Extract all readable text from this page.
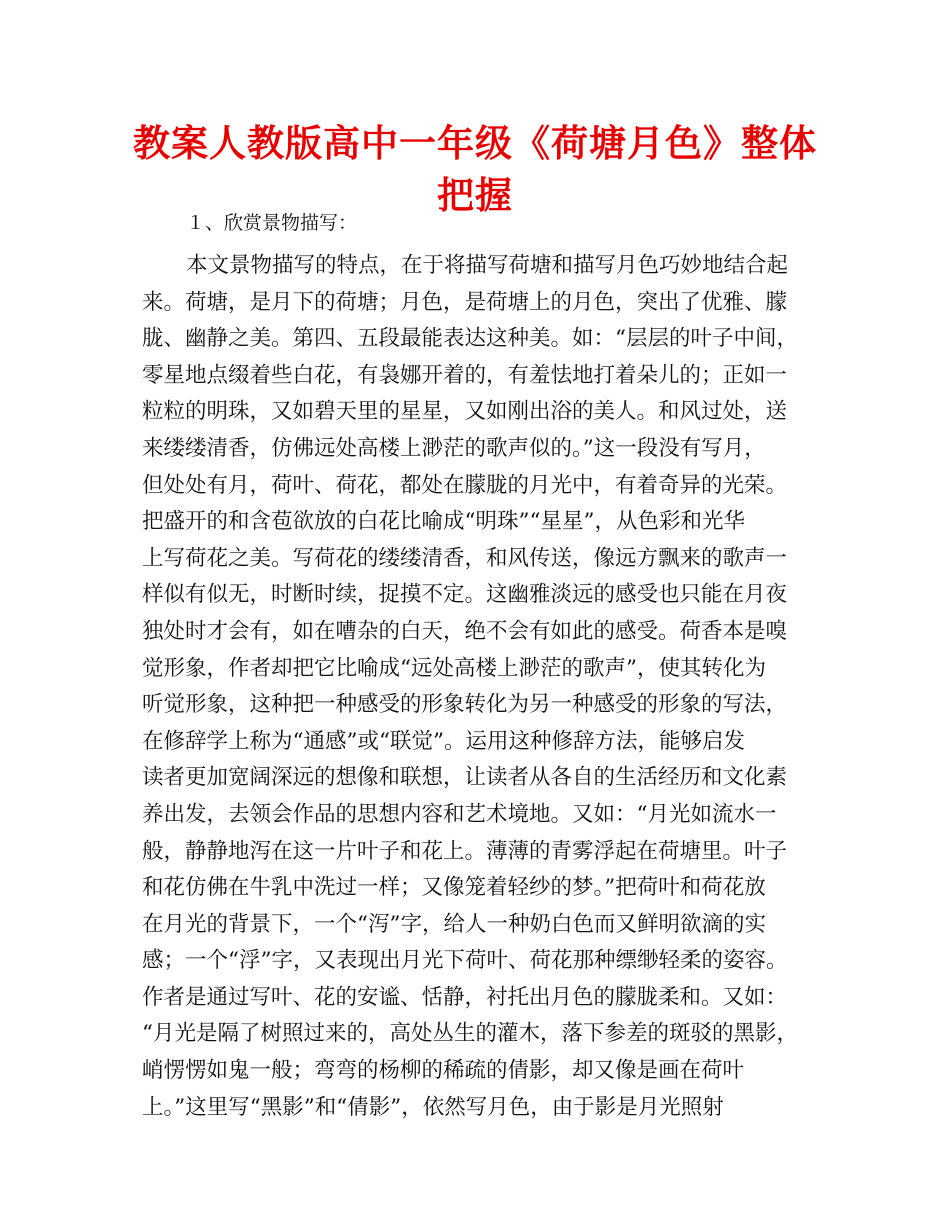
教案人教版高中一年级《荷塘月色》整体把握

１、欣赏景物描写：

本文景物描写的特点，在于将描写荷塘和描写月色巧妙地结合起
来。荷塘，是月下的荷塘；月色，是荷塘上的月色，突出了优雅、朦
胧、幽静之美。第四、五段最能表达这种美。如：“层层的叶子中间，
零星地点缀着些白花，有袅娜开着的，有羞怯地打着朵儿的；正如一
粒粒的明珠，又如碧天里的星星，又如刚出浴的美人。和风过处，送
来缕缕清香，仿佛远处高楼上渺茫的歌声似的。”这一段没有写月，
但处处有月，荷叶、荷花，都处在朦胧的月光中，有着奇异的光荣。
把盛开的和含苞欲放的白花比喻成“明珠”“星星”，从色彩和光华
上写荷花之美。写荷花的缕缕清香，和风传送，像远方飘来的歌声一
样似有似无，时断时续，捉摸不定。这幽雅淡远的感受也只能在月夜
独处时才会有，如在嘈杂的白天，绝不会有如此的感受。荷香本是嗅
觉形象，作者却把它比喻成“远处高楼上渺茫的歌声”，使其转化为
听觉形象，这种把一种感受的形象转化为另一种感受的形象的写法，
在修辞学上称为“通感”或“联觉”。运用这种修辞方法，能够启发
读者更加宽阔深远的想像和联想，让读者从各自的生活经历和文化素
养出发，去领会作品的思想内容和艺术境地。又如：“月光如流水一
般，静静地泻在这一片叶子和花上。薄薄的青雾浮起在荷塘里。叶子
和花仿佛在牛乳中洗过一样；又像笼着轻纱的梦。”把荷叶和荷花放
在月光的背景下，一个“泻”字，给人一种奶白色而又鲜明欲滴的实
感；一个“浮”字，又表现出月光下荷叶、荷花那种缥缈轻柔的姿容。
作者是通过写叶、花的安谧、恬静，衬托出月色的朦胧柔和。又如：
“月光是隔了树照过来的，高处丛生的灌木，落下参差的斑驳的黑影，
峭愣愣如鬼一般；弯弯的杨柳的稀疏的倩影，却又像是画在荷叶
上。”这里写“黑影”和“倩影”，依然写月色，由于影是月光照射
